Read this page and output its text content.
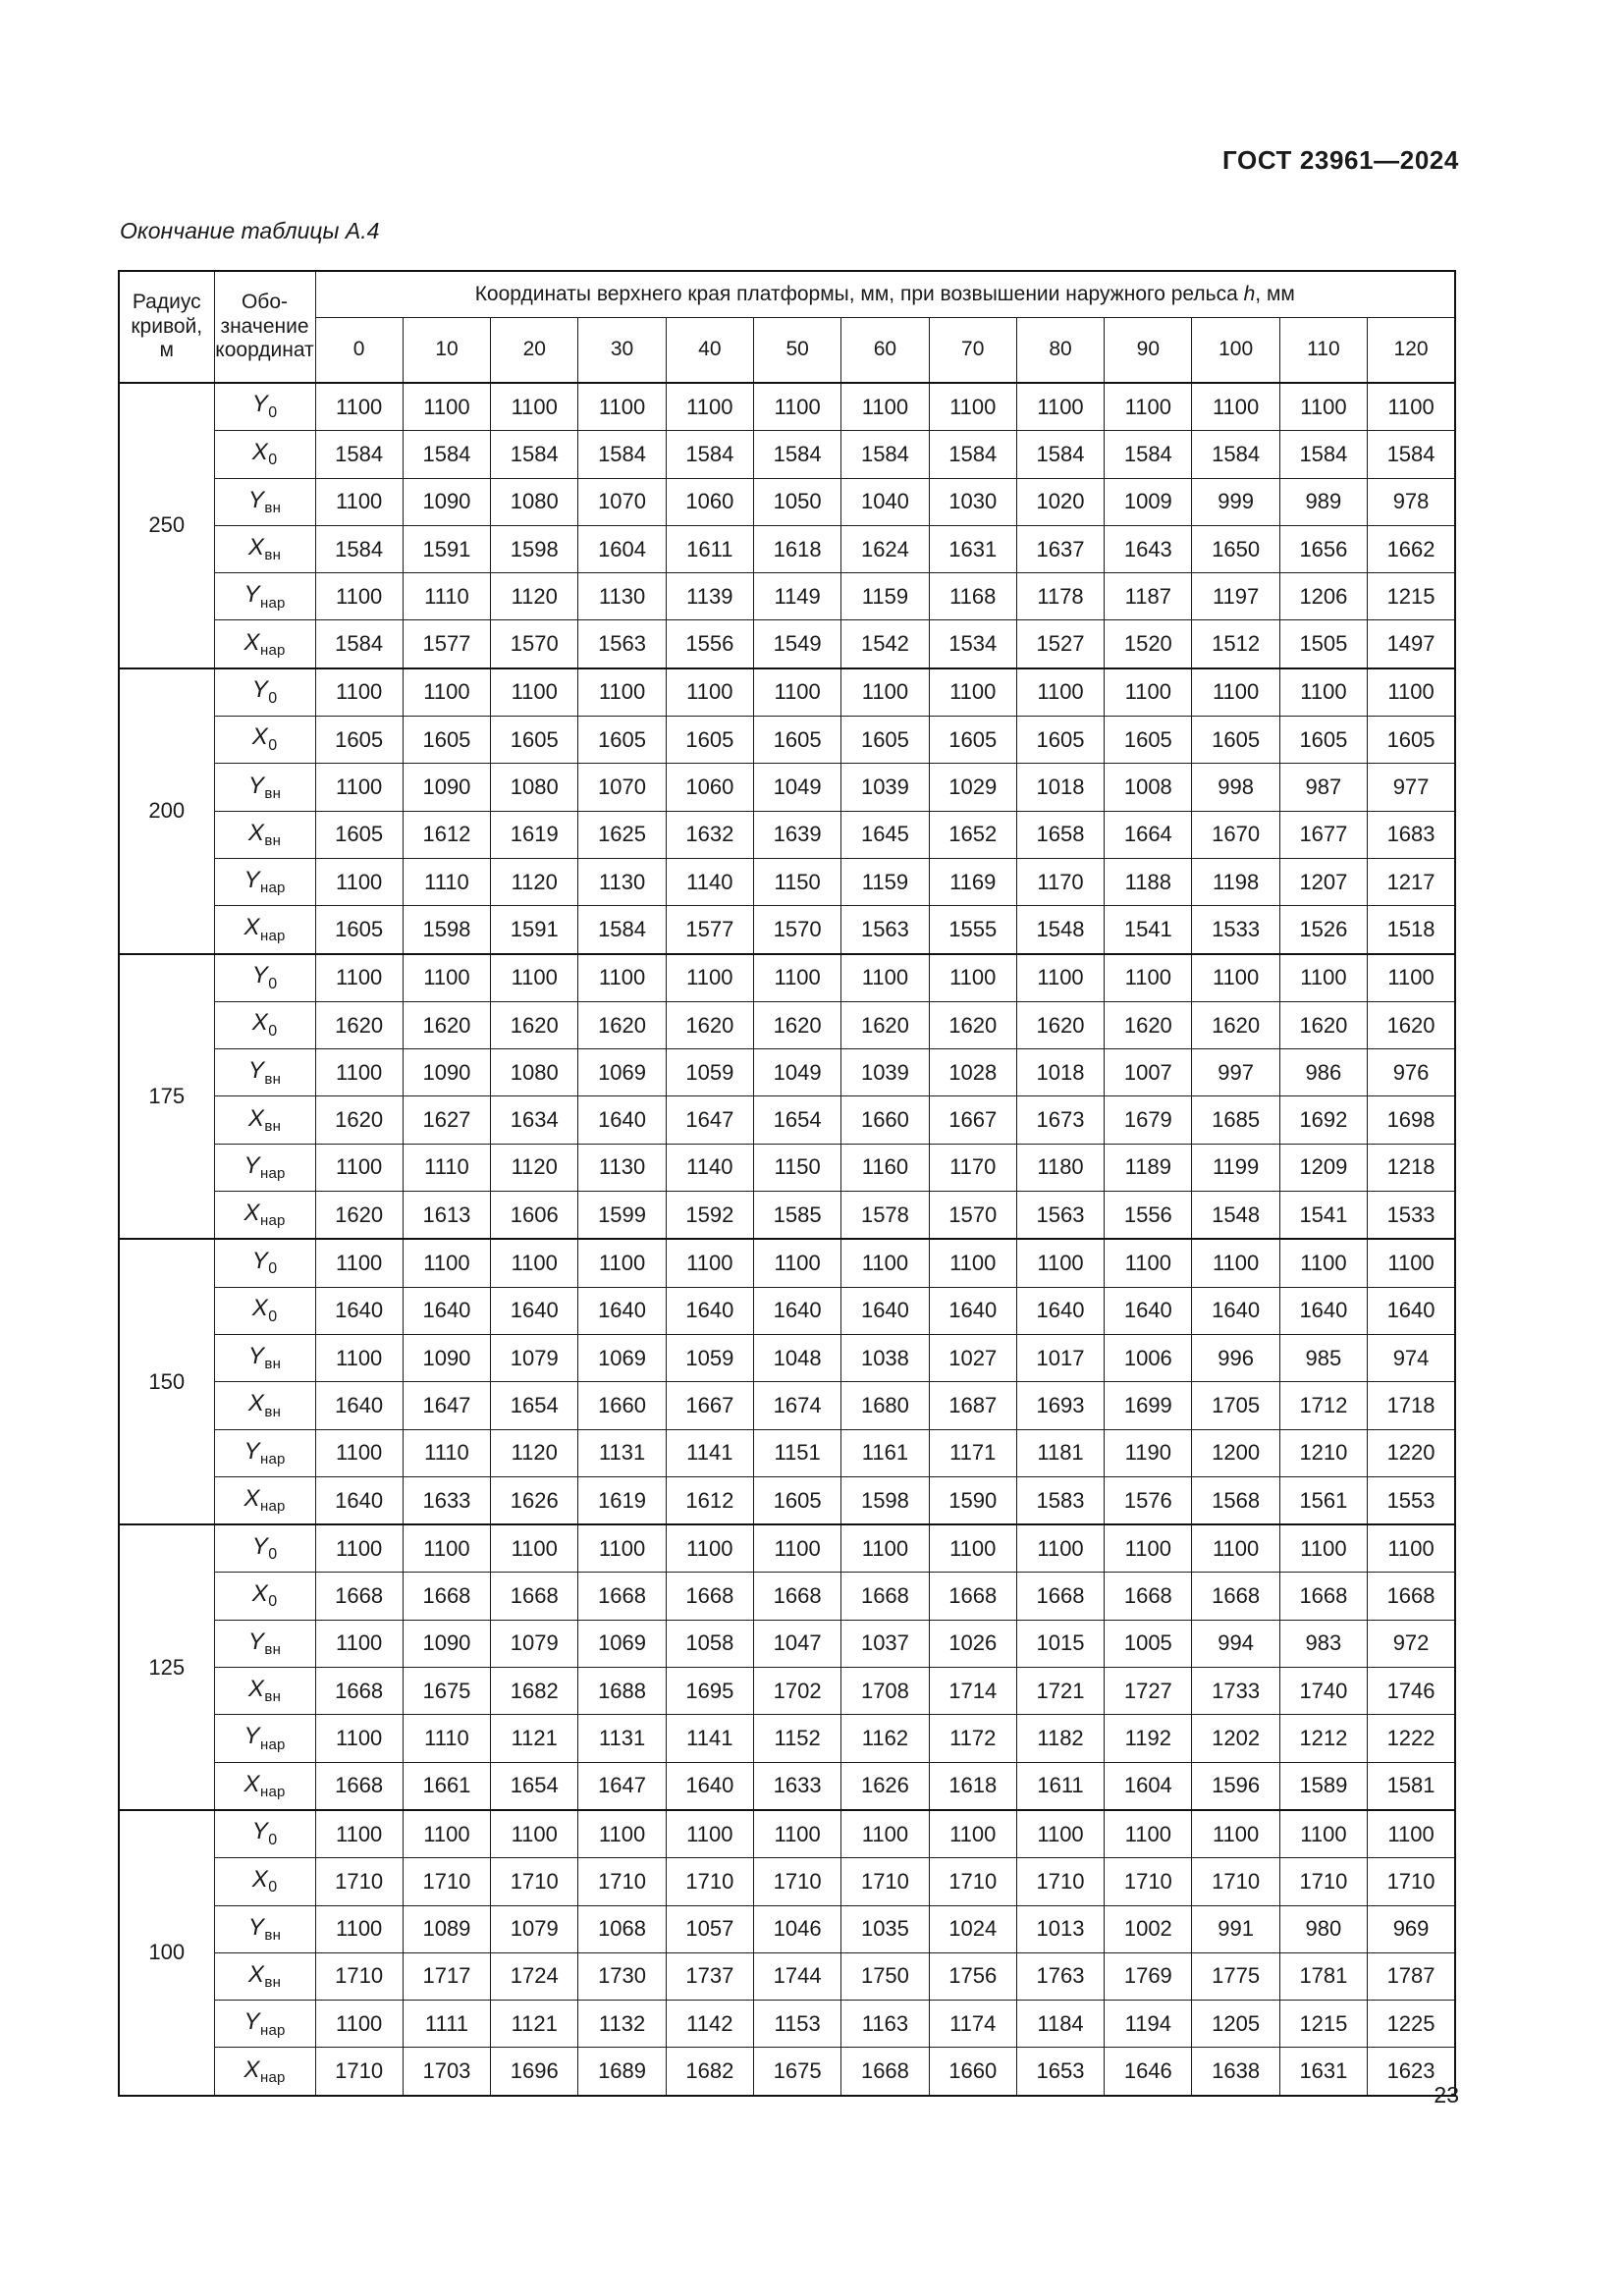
ГОСТ 23961—2024
Окончание таблицы А.4
Радиус
кривой,
м	Обо-
значение
координат	Координаты верхнего края платформы, мм, при возвышении наружного рельса h, мм												
		0	10	20	30	40	50	60	70	80	90	100	110	120
250	$Y_0$	1100	1100	1100	1100	1100	1100	1100	1100	1100	1100	1100	1100	1100
	$X_0$	1584	1584	1584	1584	1584	1584	1584	1584	1584	1584	1584	1584	1584
	$Y_{вн}$	1100	1090	1080	1070	1060	1050	1040	1030	1020	1009	999	989	978
	$X_{вн}$	1584	1591	1598	1604	1611	1618	1624	1631	1637	1643	1650	1656	1662
	$Y_{нар}$	1100	1110	1120	1130	1139	1149	1159	1168	1178	1187	1197	1206	1215
	$X_{нар}$	1584	1577	1570	1563	1556	1549	1542	1534	1527	1520	1512	1505	1497
200	$Y_0$	1100	1100	1100	1100	1100	1100	1100	1100	1100	1100	1100	1100	1100
	$X_0$	1605	1605	1605	1605	1605	1605	1605	1605	1605	1605	1605	1605	1605
	$Y_{вн}$	1100	1090	1080	1070	1060	1049	1039	1029	1018	1008	998	987	977
	$X_{вн}$	1605	1612	1619	1625	1632	1639	1645	1652	1658	1664	1670	1677	1683
	$Y_{нар}$	1100	1110	1120	1130	1140	1150	1159	1169	1170	1188	1198	1207	1217
	$X_{нар}$	1605	1598	1591	1584	1577	1570	1563	1555	1548	1541	1533	1526	1518
175	$Y_0$	1100	1100	1100	1100	1100	1100	1100	1100	1100	1100	1100	1100	1100
	$X_0$	1620	1620	1620	1620	1620	1620	1620	1620	1620	1620	1620	1620	1620
	$Y_{вн}$	1100	1090	1080	1069	1059	1049	1039	1028	1018	1007	997	986	976
	$X_{вн}$	1620	1627	1634	1640	1647	1654	1660	1667	1673	1679	1685	1692	1698
	$Y_{нар}$	1100	1110	1120	1130	1140	1150	1160	1170	1180	1189	1199	1209	1218
	$X_{нар}$	1620	1613	1606	1599	1592	1585	1578	1570	1563	1556	1548	1541	1533
150	$Y_0$	1100	1100	1100	1100	1100	1100	1100	1100	1100	1100	1100	1100	1100
	$X_0$	1640	1640	1640	1640	1640	1640	1640	1640	1640	1640	1640	1640	1640
	$Y_{вн}$	1100	1090	1079	1069	1059	1048	1038	1027	1017	1006	996	985	974
	$X_{вн}$	1640	1647	1654	1660	1667	1674	1680	1687	1693	1699	1705	1712	1718
	$Y_{нар}$	1100	1110	1120	1131	1141	1151	1161	1171	1181	1190	1200	1210	1220
	$X_{нар}$	1640	1633	1626	1619	1612	1605	1598	1590	1583	1576	1568	1561	1553
125	$Y_0$	1100	1100	1100	1100	1100	1100	1100	1100	1100	1100	1100	1100	1100
	$X_0$	1668	1668	1668	1668	1668	1668	1668	1668	1668	1668	1668	1668	1668
	$Y_{вн}$	1100	1090	1079	1069	1058	1047	1037	1026	1015	1005	994	983	972
	$X_{вн}$	1668	1675	1682	1688	1695	1702	1708	1714	1721	1727	1733	1740	1746
	$Y_{нар}$	1100	1110	1121	1131	1141	1152	1162	1172	1182	1192	1202	1212	1222
	$X_{нар}$	1668	1661	1654	1647	1640	1633	1626	1618	1611	1604	1596	1589	1581
100	$Y_0$	1100	1100	1100	1100	1100	1100	1100	1100	1100	1100	1100	1100	1100
	$X_0$	1710	1710	1710	1710	1710	1710	1710	1710	1710	1710	1710	1710	1710
	$Y_{вн}$	1100	1089	1079	1068	1057	1046	1035	1024	1013	1002	991	980	969
	$X_{вн}$	1710	1717	1724	1730	1737	1744	1750	1756	1763	1769	1775	1781	1787
	$Y_{нар}$	1100	1111	1121	1132	1142	1153	1163	1174	1184	1194	1205	1215	1225
	$X_{нар}$	1710	1703	1696	1689	1682	1675	1668	1660	1653	1646	1638	1631	1623
23
